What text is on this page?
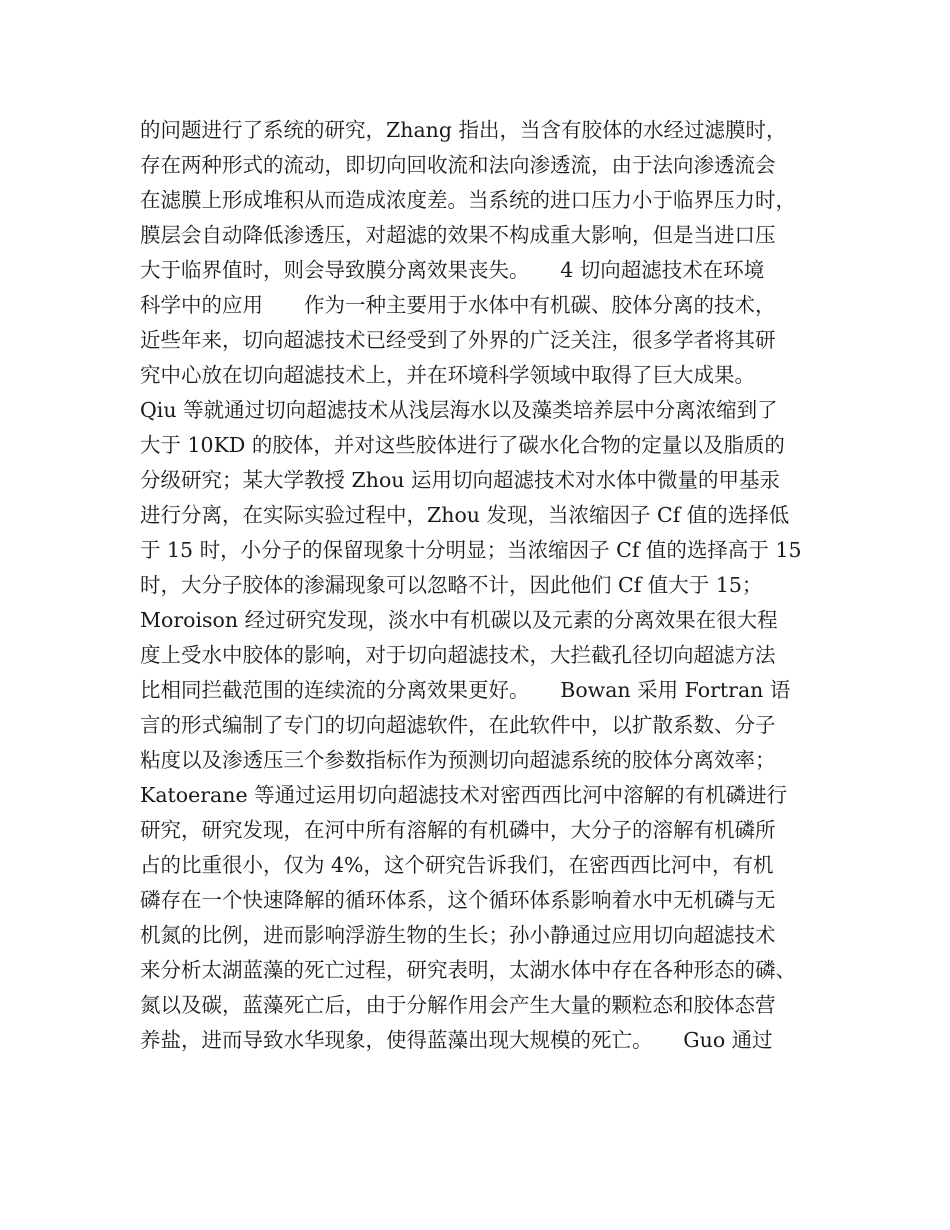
的问题进行了系统的研究，Zhang 指出，当含有胶体的水经过滤膜时，
存在两种形式的流动，即切向回收流和法向渗透流，由于法向渗透流会
在滤膜上形成堆积从而造成浓度差。当系统的进口压力小于临界压力时，
膜层会自动降低渗透压，对超滤的效果不构成重大影响，但是当进口压
大于临界值时，则会导致膜分离效果丧失。　　4 切向超滤技术在环境
科学中的应用　　作为一种主要用于水体中有机碳、胶体分离的技术，
近些年来，切向超滤技术已经受到了外界的广泛关注，很多学者将其研
究中心放在切向超滤技术上，并在环境科学领域中取得了巨大成果。
Qiu 等就通过切向超滤技术从浅层海水以及藻类培养层中分离浓缩到了
大于 10KD 的胶体，并对这些胶体进行了碳水化合物的定量以及脂质的
分级研究；某大学教授 Zhou 运用切向超滤技术对水体中微量的甲基汞
进行分离，在实际实验过程中，Zhou 发现，当浓缩因子 Cf 值的选择低
于 15 时，小分子的保留现象十分明显；当浓缩因子 Cf 值的选择高于 15
时，大分子胶体的渗漏现象可以忽略不计，因此他们 Cf 值大于 15；
Moroison 经过研究发现，淡水中有机碳以及元素的分离效果在很大程
度上受水中胶体的影响，对于切向超滤技术，大拦截孔径切向超滤方法
比相同拦截范围的连续流的分离效果更好。　　Bowan 采用 Fortran 语
言的形式编制了专门的切向超滤软件，在此软件中，以扩散系数、分子
粘度以及渗透压三个参数指标作为预测切向超滤系统的胶体分离效率；
Katoerane 等通过运用切向超滤技术对密西西比河中溶解的有机磷进行
研究，研究发现，在河中所有溶解的有机磷中，大分子的溶解有机磷所
占的比重很小，仅为 4%，这个研究告诉我们，在密西西比河中，有机
磷存在一个快速降解的循环体系，这个循环体系影响着水中无机磷与无
机氮的比例，进而影响浮游生物的生长；孙小静通过应用切向超滤技术
来分析太湖蓝藻的死亡过程，研究表明，太湖水体中存在各种形态的磷、
氮以及碳，蓝藻死亡后，由于分解作用会产生大量的颗粒态和胶体态营
养盐，进而导致水华现象，使得蓝藻出现大规模的死亡。　　Guo 通过
